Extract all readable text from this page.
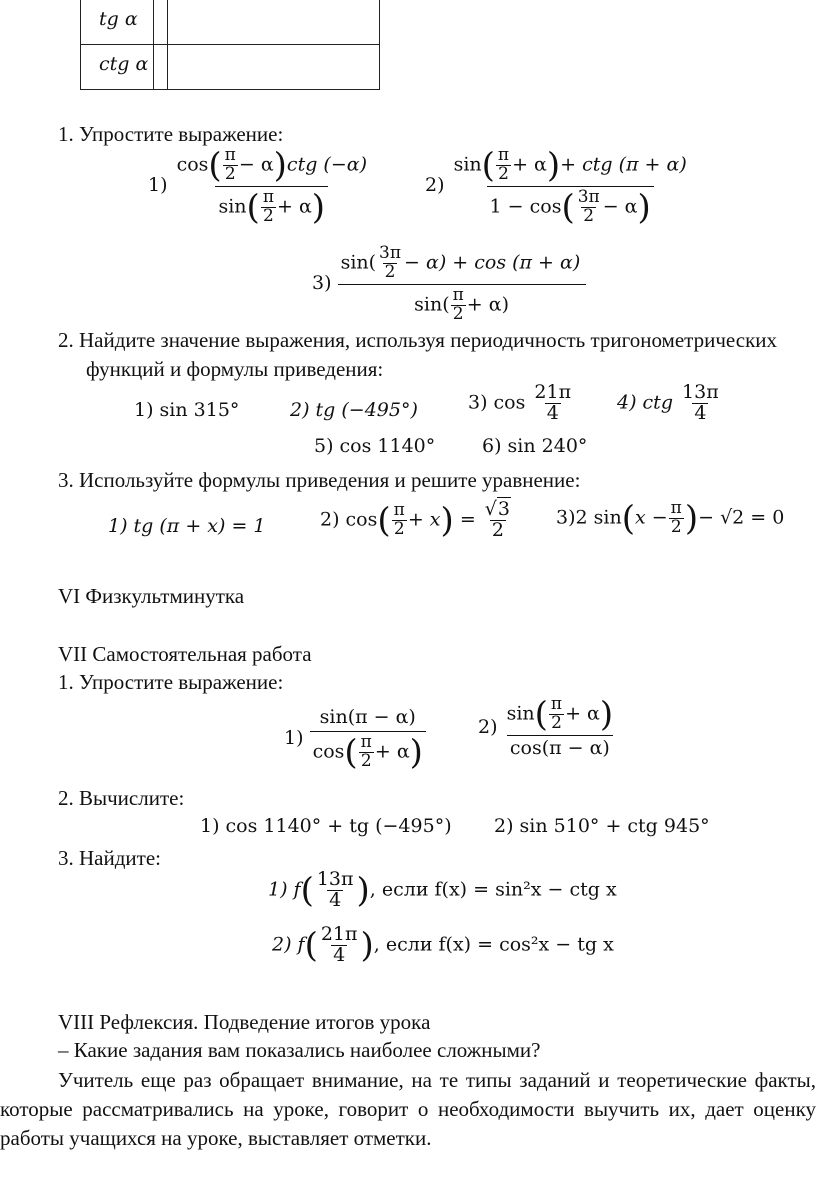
tg α
ctg α
1. Упростите выражение:
$1) \frac{\cos( \frac{\pi}{2} - \alpha)ctg (-\alpha)}{\sin( \frac{\pi}{2} + \alpha)}$	$2) \frac{\sin( \frac{\pi}{2} + \alpha)+ ctg (\pi + \alpha)}{1 - \cos( \frac{3\pi}{2} - \alpha)}$
$3) \frac{\sin( \frac{3\pi}{2} - \alpha) + \cos (\pi + \alpha)}{\sin( \frac{\pi}{2} + \alpha)}$
2. Найдите значение выражения, используя периодичность тригонометрических
функций и формулы приведения:
1) sin 315°	2) tg (−495°)	3) $\cos \frac{21\pi}{4} 4$) ctg $\frac{13\pi}{4}$
5) cos 1140° 6) sin 240°
3. Используйте формулы приведения и решите уравнение:
1) tg (π + x) = 1	2) $\cos( \frac{\pi}{2} + x) = \frac{√3}{2} 3)2$ $\sin(x - \frac{\pi}{2}$ )− √2 = 0
VI Физкультминутка
VII Самостоятельная работа
1. Упростите выражение:
$1) \frac{\sin(\pi - \alpha)}{\cos( \frac{\pi}{2} + \alpha)}$	$2) \frac{\sin( \frac{\pi}{2} + \alpha)}{\cos(\pi - \alpha)}$
2. Вычислите:
1) cos 1140° + tg (−495°) 2) sin 510° + ctg 945°
3. Найдите:
1) $f( \frac{13\pi}{4}$ ), если f(x) = sin²x − ctg x
2) $f( \frac{21\pi}{4}$ ), если f(x) = cos²x − tg x
VIII Рефлексия. Подведение итогов урока
– Какие задания вам показались наиболее сложными?
Учитель еще раз обращает внимание, на те типы заданий и теоретические факты, которые рассматривались на уроке, говорит о необходимости выучить их, дает оценку работы учащихся на уроке, выставляет отметки.
